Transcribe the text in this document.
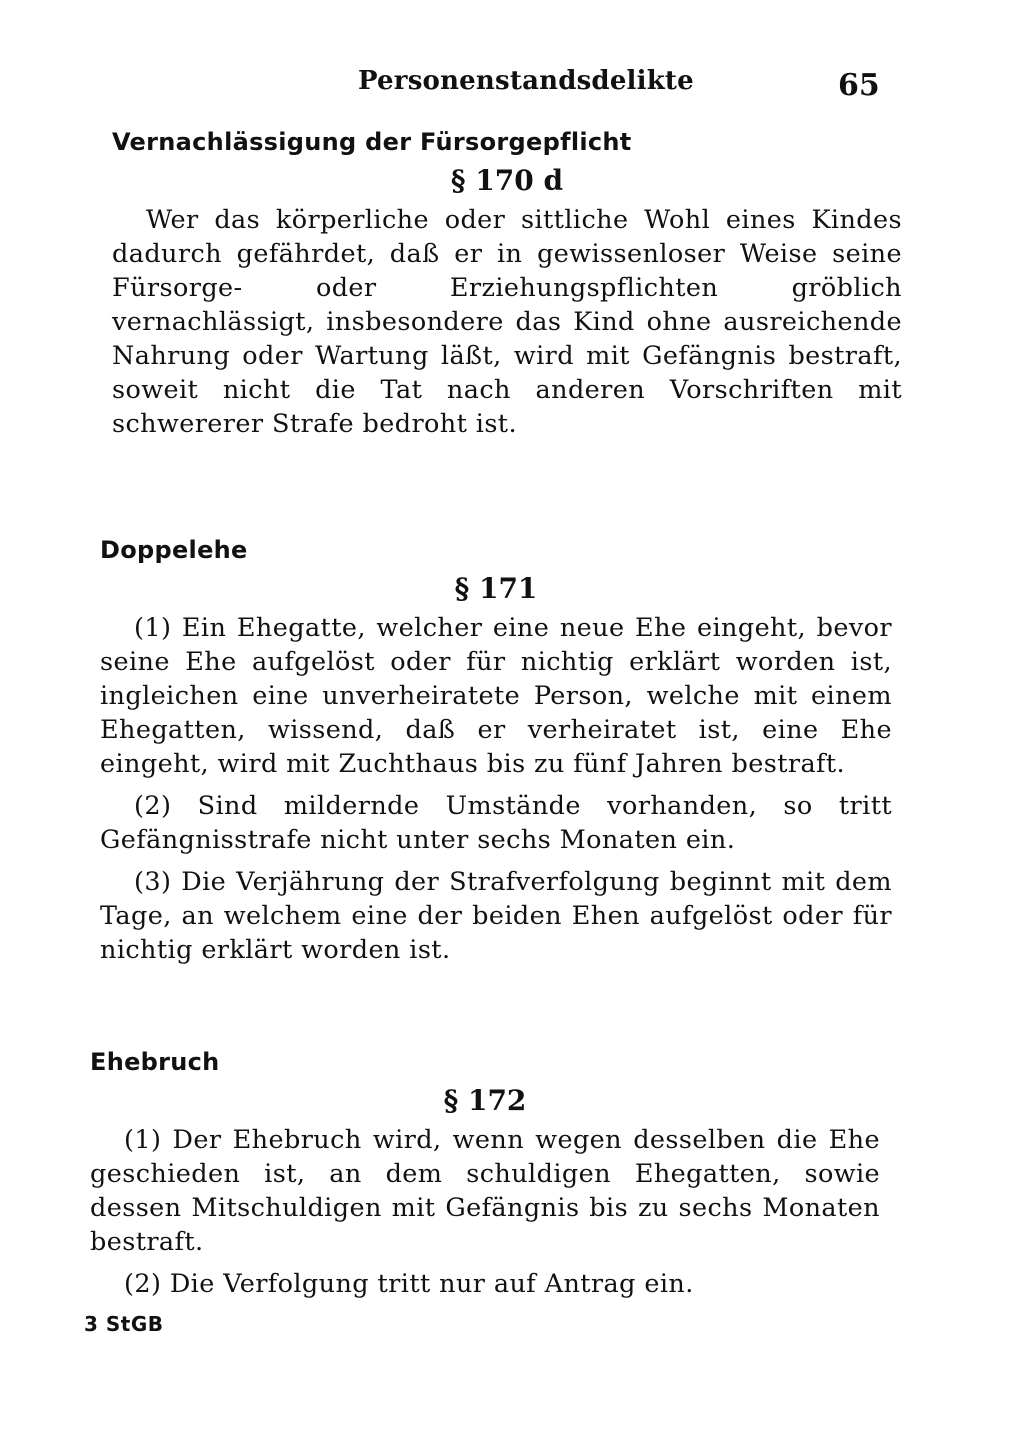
Personenstandsdelikte	65
Vernachlässigung der Fürsorgepflicht
§ 170 d

Wer das körperliche oder sittliche Wohl eines Kindes dadurch gefährdet, daß er in gewissenloser Weise seine Fürsorge- oder Erziehungspflichten gröblich vernachlässigt, insbesondere das Kind ohne ausreichende Nahrung oder Wartung läßt, wird mit Gefängnis bestraft, soweit nicht die Tat nach anderen Vorschriften mit schwererer Strafe bedroht ist.

Doppelehe
§ 171

(1) Ein Ehegatte, welcher eine neue Ehe eingeht, bevor seine Ehe aufgelöst oder für nichtig erklärt worden ist, ingleichen eine unverheiratete Person, welche mit einem Ehegatten, wissend, daß er verheiratet ist, eine Ehe eingeht, wird mit Zuchthaus bis zu fünf Jahren bestraft.

(2) Sind mildernde Umstände vorhanden, so tritt Gefängnisstrafe nicht unter sechs Monaten ein.

(3) Die Verjährung der Strafverfolgung beginnt mit dem Tage, an welchem eine der beiden Ehen aufgelöst oder für nichtig erklärt worden ist.

Ehebruch
§ 172

(1) Der Ehebruch wird, wenn wegen desselben die Ehe geschieden ist, an dem schuldigen Ehegatten, sowie dessen Mitschuldigen mit Gefängnis bis zu sechs Monaten bestraft.

(2) Die Verfolgung tritt nur auf Antrag ein.

3 StGB
